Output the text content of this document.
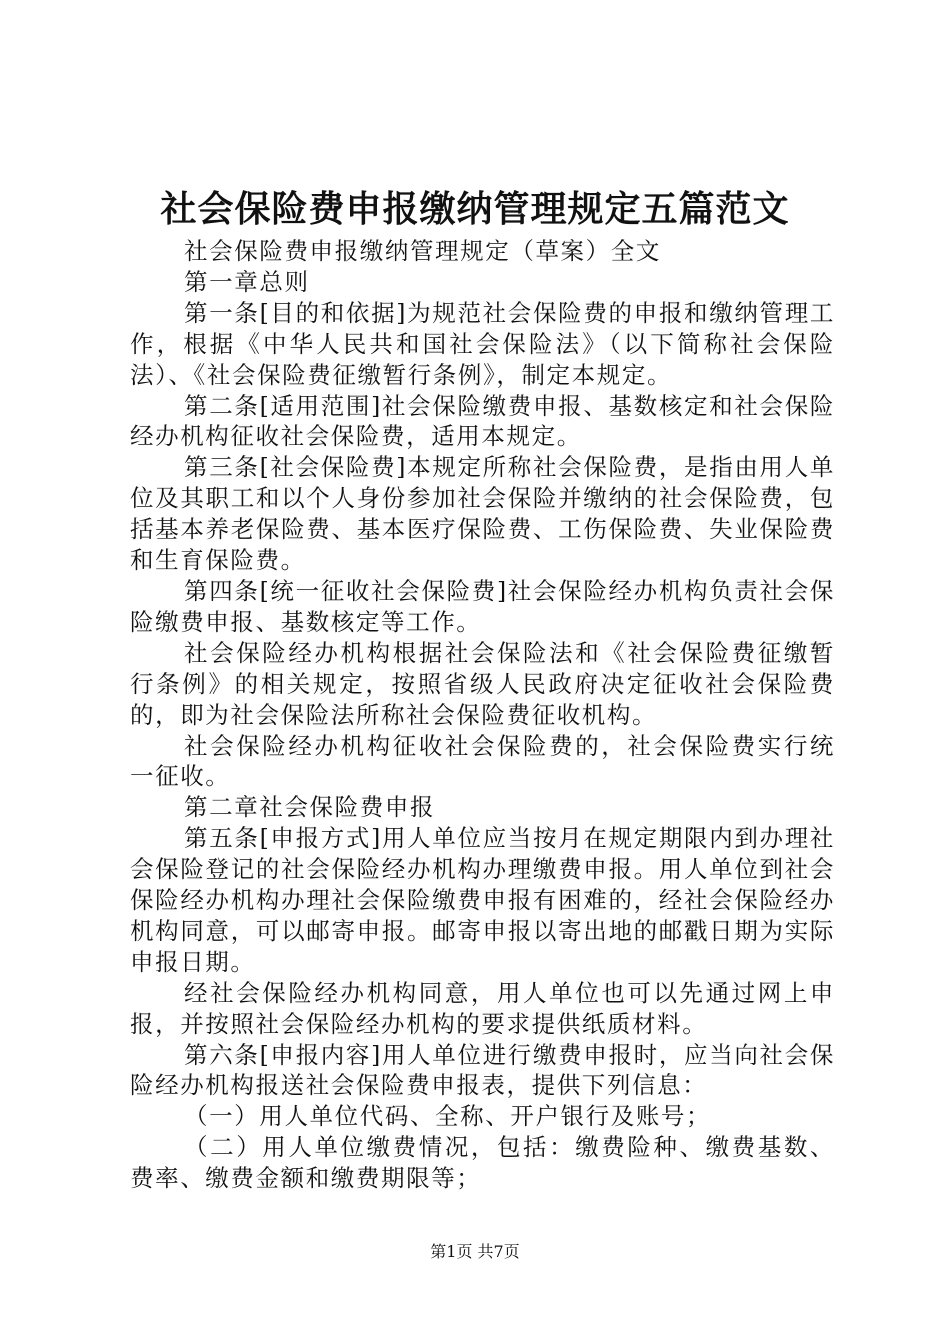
社会保险费申报缴纳管理规定五篇范文

社会保险费申报缴纳管理规定（草案）全文

第一章总则

第一条[目的和依据]为规范社会保险费的申报和缴纳管理工作，根据《中华人民共和国社会保险法》（以下简称社会保险法）、《社会保险费征缴暂行条例》，制定本规定。

第二条[适用范围]社会保险缴费申报、基数核定和社会保险经办机构征收社会保险费，适用本规定。

第三条[社会保险费]本规定所称社会保险费，是指由用人单位及其职工和以个人身份参加社会保险并缴纳的社会保险费，包括基本养老保险费、基本医疗保险费、工伤保险费、失业保险费和生育保险费。

第四条[统一征收社会保险费]社会保险经办机构负责社会保险缴费申报、基数核定等工作。

社会保险经办机构根据社会保险法和《社会保险费征缴暂行条例》的相关规定，按照省级人民政府决定征收社会保险费的，即为社会保险法所称社会保险费征收机构。

社会保险经办机构征收社会保险费的，社会保险费实行统一征收。

第二章社会保险费申报

第五条[申报方式]用人单位应当按月在规定期限内到办理社会保险登记的社会保险经办机构办理缴费申报。用人单位到社会保险经办机构办理社会保险缴费申报有困难的，经社会保险经办机构同意，可以邮寄申报。邮寄申报以寄出地的邮戳日期为实际申报日期。

经社会保险经办机构同意，用人单位也可以先通过网上申报，并按照社会保险经办机构的要求提供纸质材料。

第六条[申报内容]用人单位进行缴费申报时，应当向社会保险经办机构报送社会保险费申报表，提供下列信息：

（一）用人单位代码、全称、开户银行及账号；

（二）用人单位缴费情况，包括：缴费险种、缴费基数、费率、缴费金额和缴费期限等；

第1页 共7页
